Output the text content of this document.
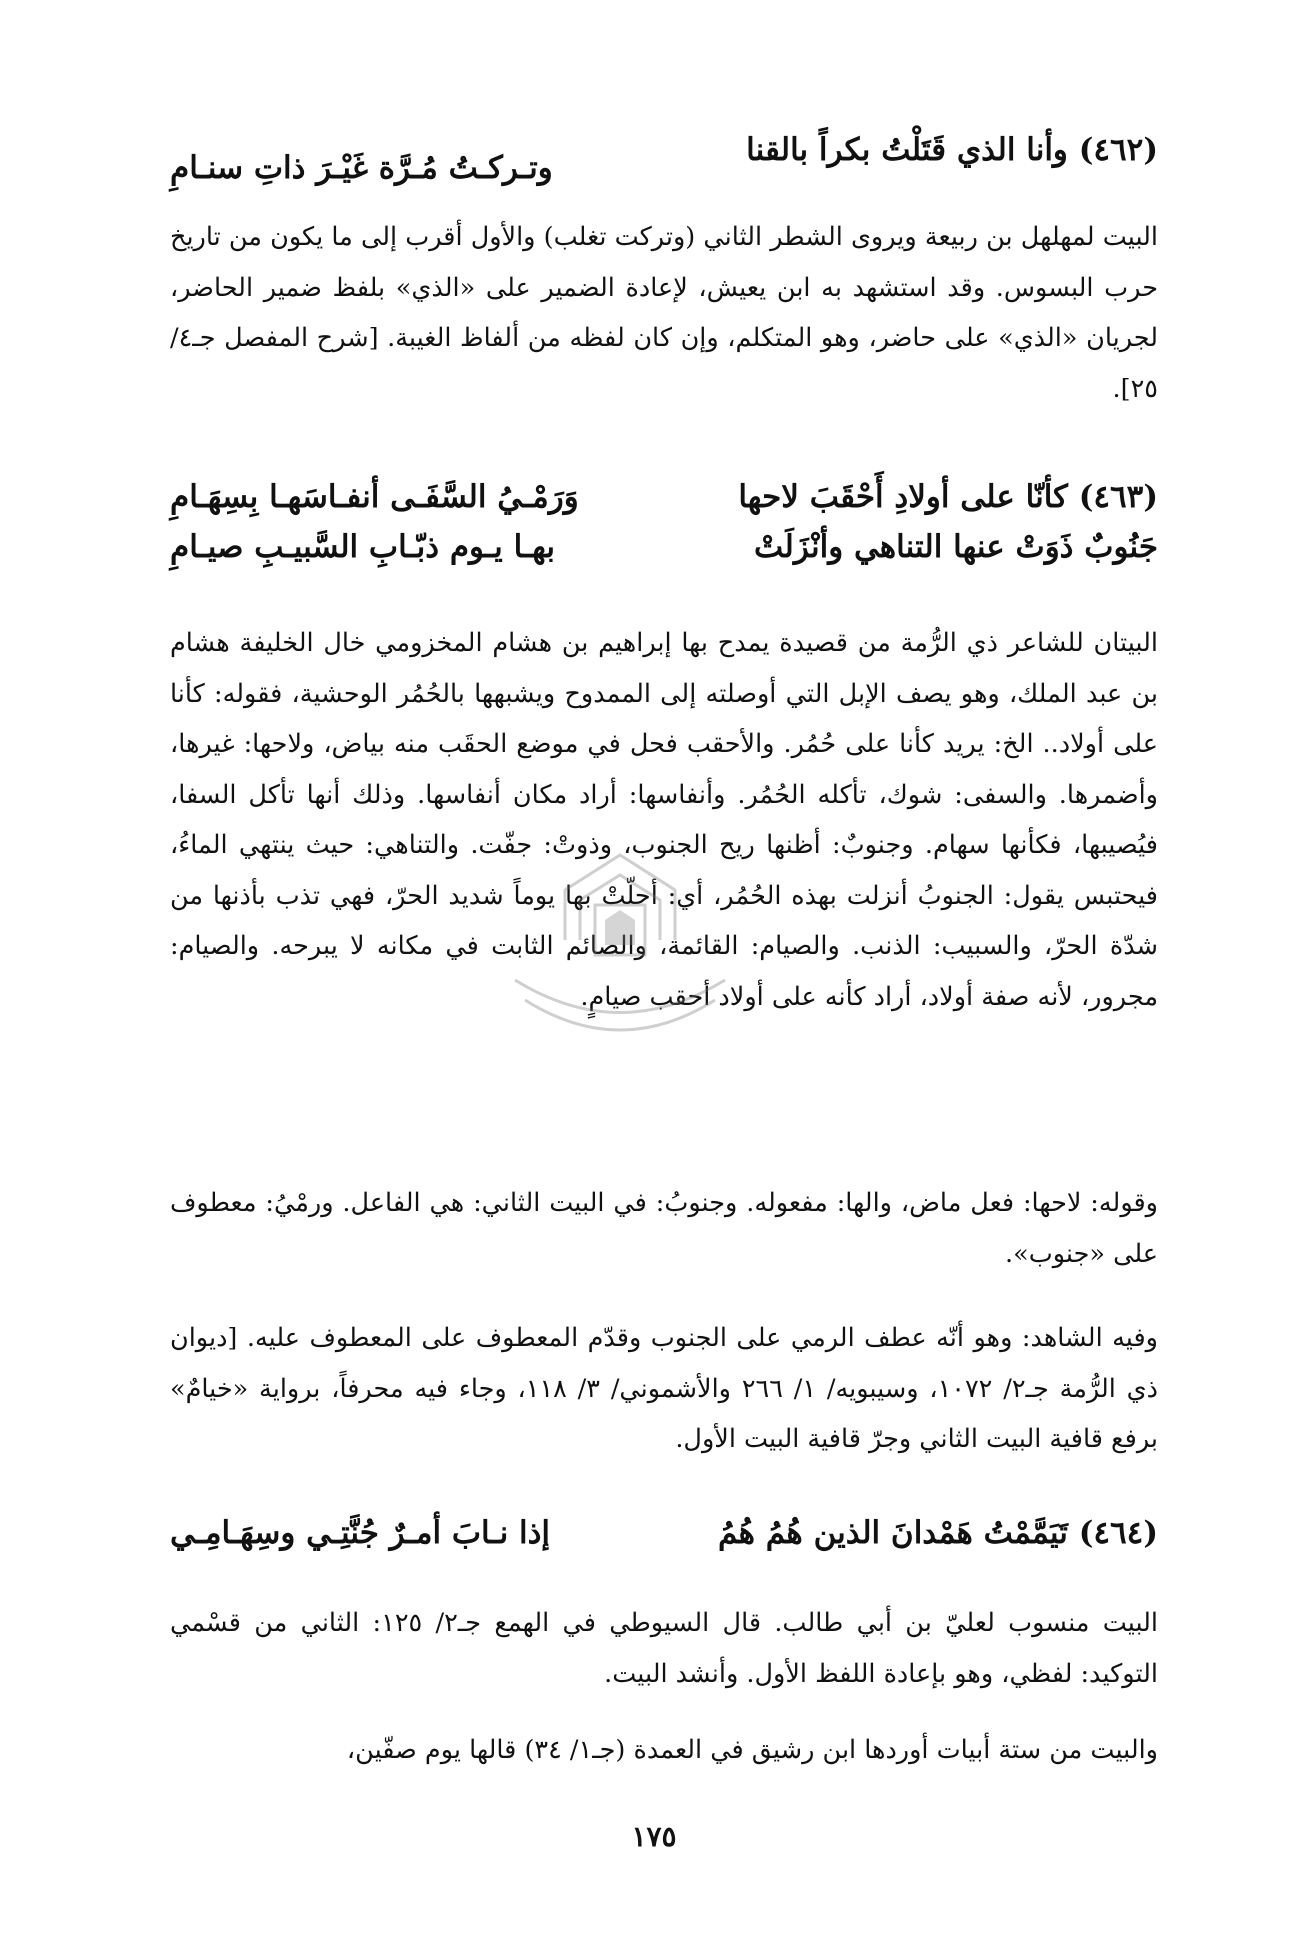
(٤٦٢) وأنا الذي قَتَلْتُ بكراً بالقنا
وتـركـتُ مُـرَّة غَيْـرَ ذاتِ سنـامِ
البيت لمهلهل بن ربيعة ويروى الشطر الثاني (وتركت تغلب) والأول أقرب إلى ما يكون من تاريخ حرب البسوس. وقد استشهد به ابن يعيش، لإعادة الضمير على «الذي» بلفظ ضمير الحاضر، لجريان «الذي» على حاضر، وهو المتكلم، وإن كان لفظه من ألفاظ الغيبة. [شرح المفصل جـ٤/ ٢٥].
(٤٦٣) كأنّا على أولادِ أَحْقَبَ لاحها
وَرَمْـيُ السَّفَـى أنفـاسَهـا بِسِهَـامِ
جَنُوبٌ ذَوَتْ عنها التناهي وأنْزَلَتْ
بهـا يـوم ذبّـابِ السَّبيـبِ صيـامِ
البيتان للشاعر ذي الرُّمة من قصيدة يمدح بها إبراهيم بن هشام المخزومي خال الخليفة هشام بن عبد الملك، وهو يصف الإبل التي أوصلته إلى الممدوح ويشبهها بالحُمُر الوحشية، فقوله: كأنا على أولاد.. الخ: يريد كأنا على حُمُر. والأحقب فحل في موضع الحقَب منه بياض، ولاحها: غيرها، وأضمرها. والسفى: شوك، تأكله الحُمُر. وأنفاسها: أراد مكان أنفاسها. وذلك أنها تأكل السفا، فيُصيبها، فكأنها سهام. وجنوبٌ: أظنها ريح الجنوب، وذوتْ: جفّت. والتناهي: حيث ينتهي الماءُ، فيحتبس يقول: الجنوبُ أنزلت بهذه الحُمُر، أي: أحلّتْ بها يوماً شديد الحرّ، فهي تذب بأذنها من شدّة الحرّ، والسبيب: الذنب. والصيام: القائمة، والصائم الثابت في مكانه لا يبرحه. والصيام: مجرور، لأنه صفة أولاد، أراد كأنه على أولاد أحقب صيامٍ.
وقوله: لاحها: فعل ماض، والها: مفعوله. وجنوبُ: في البيت الثاني: هي الفاعل. ورمْيُ: معطوف على «جنوب».
وفيه الشاهد: وهو أنّه عطف الرمي على الجنوب وقدّم المعطوف على المعطوف عليه. [ديوان ذي الرُّمة جـ٢/ ١٠٧٢، وسيبويه/ ١/ ٢٦٦ والأشموني/ ٣/ ١١٨، وجاء فيه محرفاً، برواية «خيامٌ» برفع قافية البيت الثاني وجرّ قافية البيت الأول.
(٤٦٤) تَيَمَّمْتُ هَمْدانَ الذين هُمُ هُمُ
إذا نـابَ أمـرٌ جُنَّتِـي وسِهَـامِـي
البيت منسوب لعليّ بن أبي طالب. قال السيوطي في الهمع جـ٢/ ١٢٥: الثاني من قسْمي التوكيد: لفظي، وهو بإعادة اللفظ الأول. وأنشد البيت.
والبيت من ستة أبيات أوردها ابن رشيق في العمدة (جـ١/ ٣٤) قالها يوم صفّين،
١٧٥
